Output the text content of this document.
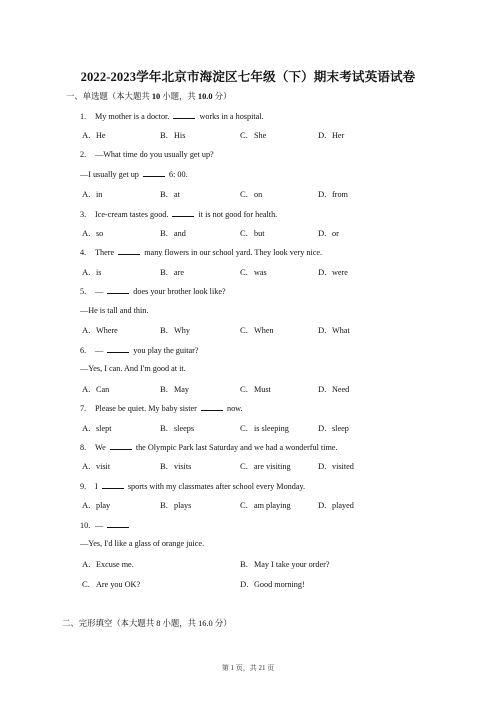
2022-2023学年北京市海淀区七年级（下）期末考试英语试卷
一、单选题（本大题共 10 小题，共 10.0 分）
1. My mother is a doctor.	works in a hospital.
A. He	B. His	C. She	D. Her
2. —What time do you usually get up?
—I usually get up	6: 00.
A. in	B. at	C. on	D. from
3. Ice-cream tastes good.	it is not good for health.
A. so	B. and	C. but	D. or
4. There	many flowers in our school yard. They look very nice.
A. is	B. are	C. was	D. were
5. —	does your brother look like?
—He is tall and thin.
A. Where	B. Why	C. When	D. What
6. —	you play the guitar?
—Yes, I can. And I'm good at it.
A. Can	B. May	C. Must	D. Need
7. Please be quiet. My baby sister	now.
A. slept	B. sleeps	C. is sleeping	D. sleep
8. We	the Olympic Park last Saturday and we had a wonderful time.
A. visit	B. visits	C. are visiting	D. visited
9. I	sports with my classmates after school every Monday.
A. play	B. plays	C. am playing	D. played
10. —
—Yes, I'd like a glass of orange juice.
A. Excuse me.	B. May I take your order?
C. Are you OK?	D. Good morning!
二、完形填空（本大题共 8 小题，共 16.0 分）
第 1 页，共 21 页
